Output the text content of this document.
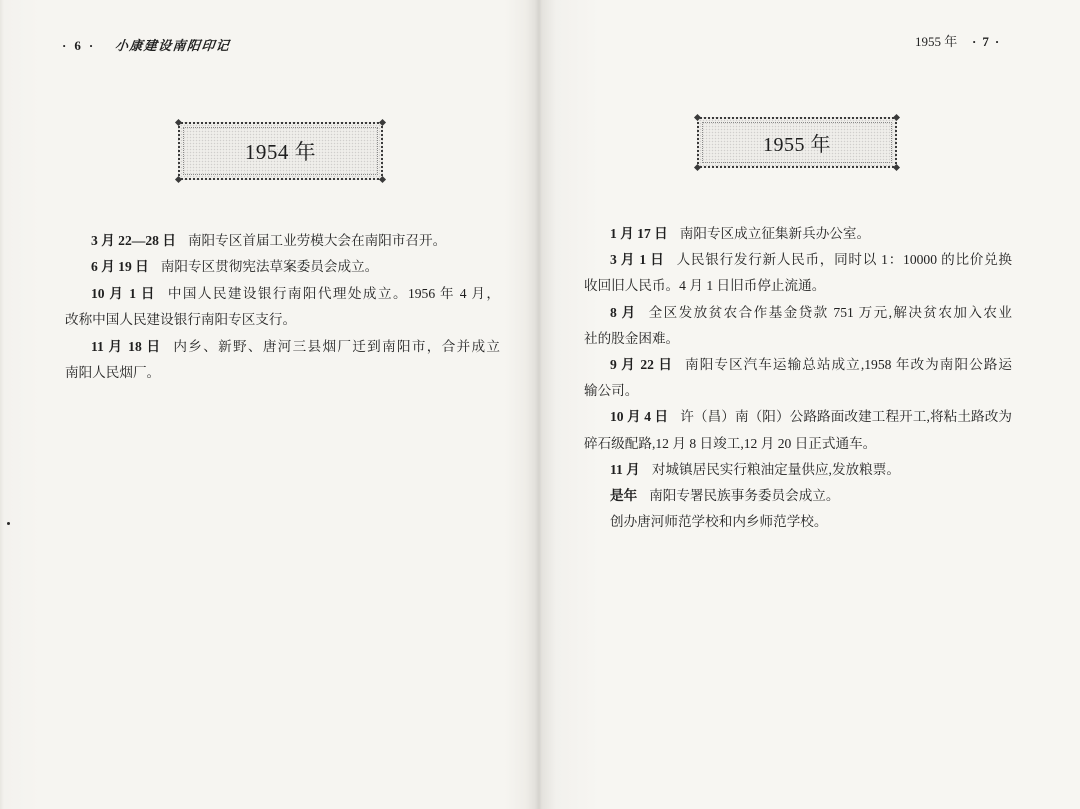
·6· 小康建设南阳印记
1954 年

3 月 22—28 日 南阳专区首届工业劳模大会在南阳市召开。

6 月 19 日 南阳专区贯彻宪法草案委员会成立。

10 月 1 日 中国人民建设银行南阳代理处成立。1956 年 4 月，
改称中国人民建设银行南阳专区支行。

11 月 18 日 内乡、新野、唐河三县烟厂迁到南阳市，合并成立
南阳人民烟厂。

1955 年 ·7·
1955 年

1 月 17 日 南阳专区成立征集新兵办公室。

3 月 1 日 人民银行发行新人民币，同时以 1：10000 的比价兑换
收回旧人民币。4 月 1 日旧币停止流通。

8 月 全区发放贫农合作基金贷款 751 万元,解决贫农加入农业
社的股金困难。

9 月 22 日 南阳专区汽车运输总站成立,1958 年改为南阳公路运
输公司。

10 月 4 日 许（昌）南（阳）公路路面改建工程开工,将粘土路改为
碎石级配路,12 月 8 日竣工,12 月 20 日正式通车。

11 月 对城镇居民实行粮油定量供应,发放粮票。

是年 南阳专署民族事务委员会成立。

创办唐河师范学校和内乡师范学校。
